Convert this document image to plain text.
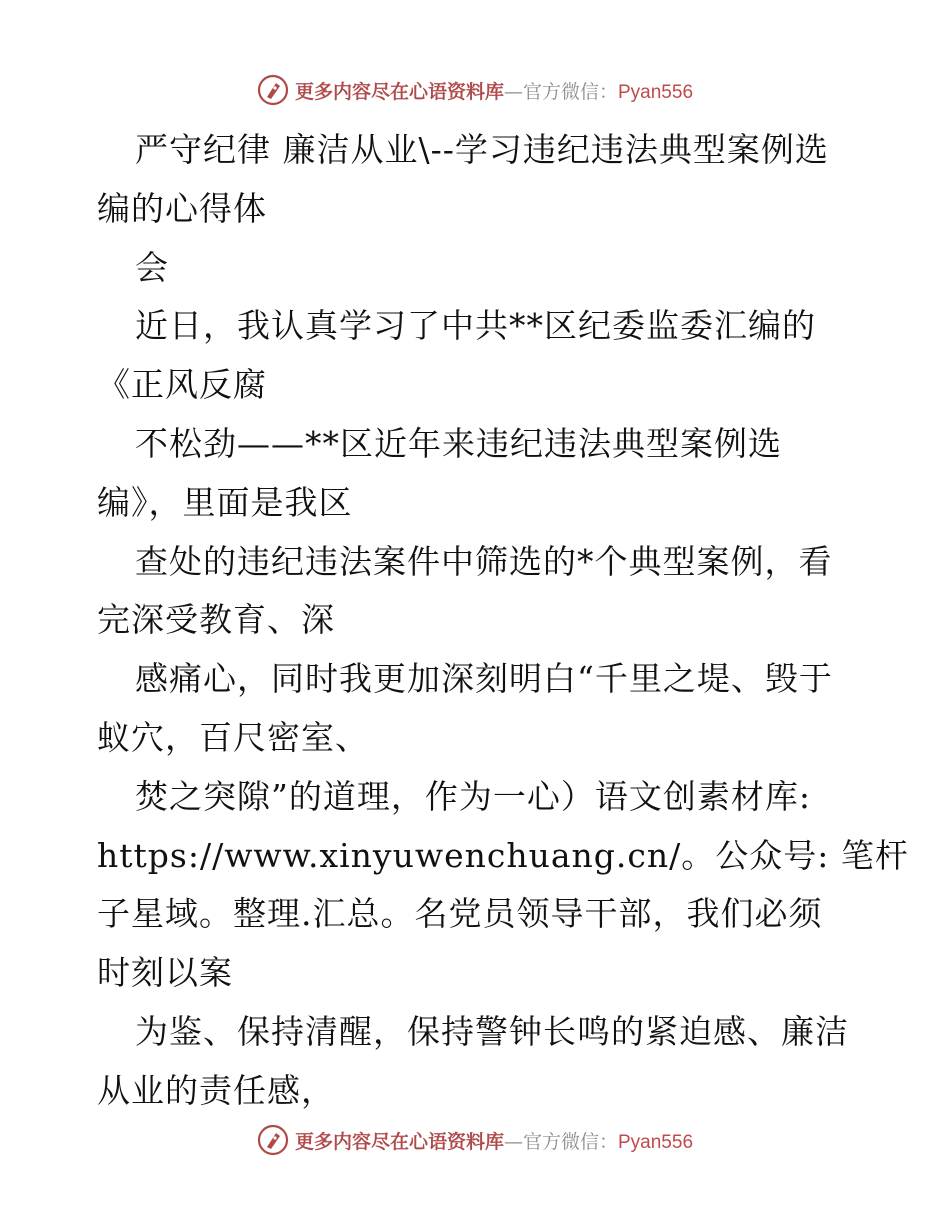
更多内容尽在心语资料库—官方微信：Pyan556
严守纪律 廉洁从业\--学习违纪违法典型案例选
编的心得体
会
近日，我认真学习了中共**区纪委监委汇编的
《正风反腐
不松劲——**区近年来违纪违法典型案例选
编》，里面是我区
查处的违纪违法案件中筛选的*个典型案例，看
完深受教育、深
感痛心，同时我更加深刻明白“千里之堤、毁于
蚁穴，百尺密室、
焚之突隙”的道理，作为一心）语文创素材库:
https://www.xinyuwenchuang.cn/。公众号: 笔杆
子星域。整理.汇总。名党员领导干部，我们必须
时刻以案
为鉴、保持清醒，保持警钟长鸣的紧迫感、廉洁
从业的责任感，
更多内容尽在心语资料库—官方微信：Pyan556
